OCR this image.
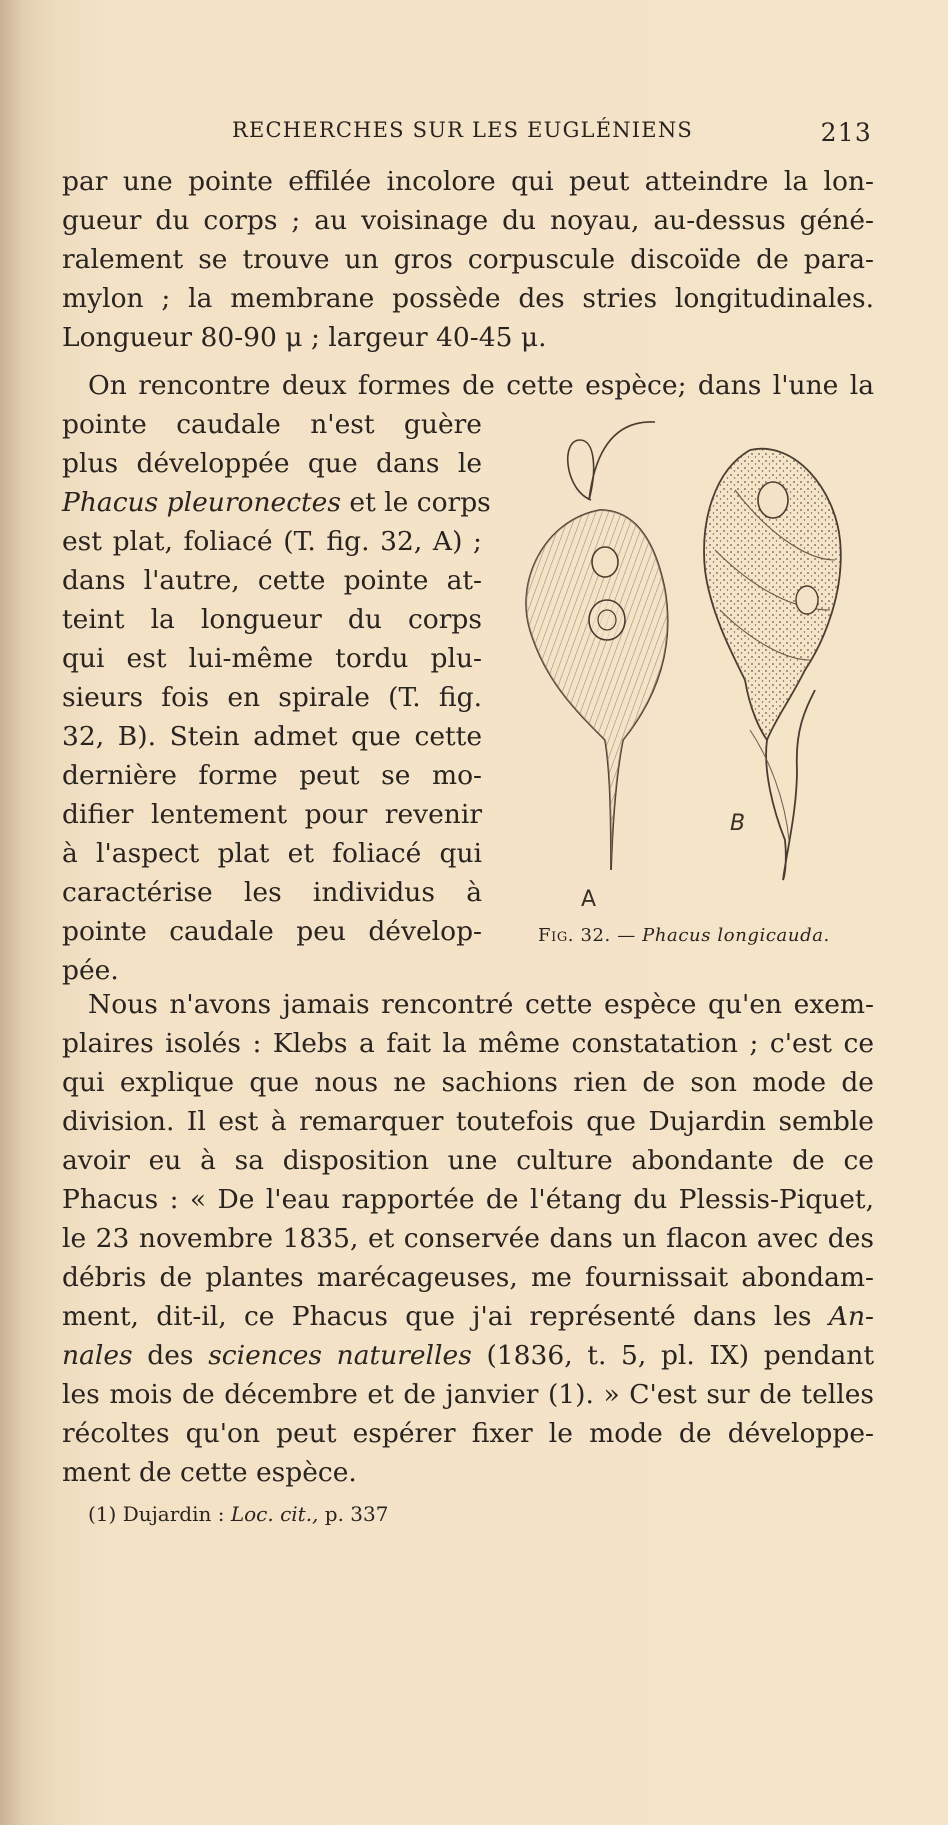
RECHERCHES SUR LES EUGLÉNIENS	213
par une pointe effilée incolore qui peut atteindre la lon-
gueur du corps ; au voisinage du noyau, au-dessus géné-
ralement se trouve un gros corpuscule discoïde de para-
mylon ; la membrane possède des stries longitudinales.
Longueur 80-90 μ ; largeur 40-45 μ.
On rencontre deux formes de cette espèce; dans l'une la
pointe caudale n'est guère
plus développée que dans le
Phacus pleuronectes et le corps
est plat, foliacé (T. fig. 32, A) ;
dans l'autre, cette pointe at-
teint la longueur du corps
qui est lui-même tordu plu-
sieurs fois en spirale (T. fig.
32, B). Stein admet que cette
dernière forme peut se mo-
difier lentement pour revenir
à l'aspect plat et foliacé qui
caractérise les individus à
pointe caudale peu dévelop-
pée.
A
B
Fig. 32. — Phacus longicauda.
Nous n'avons jamais rencontré cette espèce qu'en exem-
plaires isolés : Klebs a fait la même constatation ; c'est ce
qui explique que nous ne sachions rien de son mode de
division. Il est à remarquer toutefois que Dujardin semble
avoir eu à sa disposition une culture abondante de ce
Phacus : « De l'eau rapportée de l'étang du Plessis-Piquet,
le 23 novembre 1835, et conservée dans un flacon avec des
débris de plantes marécageuses, me fournissait abondam-
ment, dit-il, ce Phacus que j'ai représenté dans les An-
nales des sciences naturelles (1836, t. 5, pl. IX) pendant
les mois de décembre et de janvier (1). » C'est sur de telles
récoltes qu'on peut espérer fixer le mode de développe-
ment de cette espèce.
(1) Dujardin : Loc. cit., p. 337
